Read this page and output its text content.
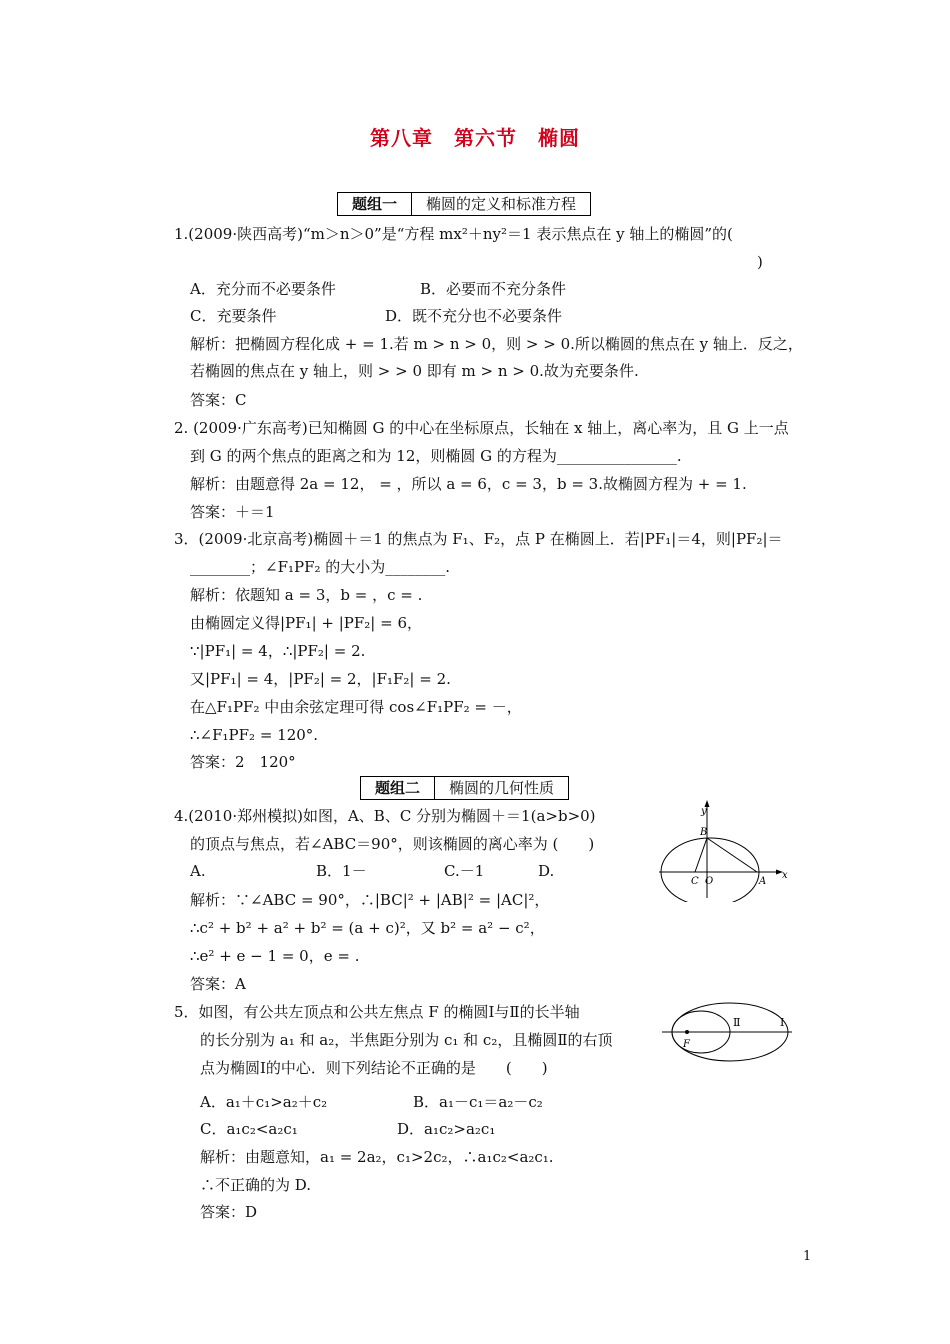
第八章　第六节　椭圆
题组一	椭圆的定义和标准方程
1.(2009·陕西高考)“m＞n＞0”是“方程 mx²＋ny²＝1 表示焦点在 y 轴上的椭圆”的(
)
A．充分而不必要条件	B．必要而不充分条件
C．充要条件	D．既不充分也不必要条件
解析：把椭圆方程化成 + = 1.若 m > n > 0，则 > > 0.所以椭圆的焦点在 y 轴上．反之，
若椭圆的焦点在 y 轴上，则 > > 0 即有 m > n > 0.故为充要条件.
答案：C
2. (2009·广东高考)已知椭圆 G 的中心在坐标原点，长轴在 x 轴上，离心率为，且 G 上一点
到 G 的两个焦点的距离之和为 12，则椭圆 G 的方程为________________.
解析：由题意得 2a = 12， = ，所以 a = 6，c = 3，b = 3.故椭圆方程为 + = 1.
答案：＋＝1
3．(2009·北京高考)椭圆＋＝1 的焦点为 F₁、F₂，点 P 在椭圆上．若|PF₁|＝4，则|PF₂|＝
________；∠F₁PF₂ 的大小为________.
解析：依题知 a = 3，b = ，c = .
由椭圆定义得|PF₁| + |PF₂| = 6，
∵|PF₁| = 4，∴|PF₂| = 2.
又|PF₁| = 4，|PF₂| = 2，|F₁F₂| = 2.
在△F₁PF₂ 中由余弦定理可得 cos∠F₁PF₂ = －，
∴∠F₁PF₂ = 120°.
答案：2　120°
题组二	椭圆的几何性质
4.(2010·郑州模拟)如图，A、B、C 分别为椭圆＋＝1(a>b>0)
的顶点与焦点，若∠ABC＝90°，则该椭圆的离心率为 (　　)
A.	B．1－	C.－1	D.
解析：∵∠ABC = 90°，∴|BC|² + |AB|² = |AC|²，
∴c² + b² + a² + b² = (a + c)²，又 b² = a² − c²，
∴e² + e − 1 = 0，e = .
答案：A
y
x
B
C O	A
5．如图，有公共左顶点和公共左焦点 F 的椭圆Ⅰ与Ⅱ的长半轴
的长分别为 a₁ 和 a₂，半焦距分别为 c₁ 和 c₂，且椭圆Ⅱ的右顶
点为椭圆Ⅰ的中心．则下列结论不正确的是　　(　　)
A．a₁＋c₁>a₂＋c₂	B．a₁－c₁＝a₂－c₂
C．a₁c₂<a₂c₁	D．a₁c₂>a₂c₁
解析：由题意知，a₁ = 2a₂，c₁>2c₂，∴a₁c₂<a₂c₁.
∴不正确的为 D.
答案：D
F
Ⅱ	Ⅰ
1
